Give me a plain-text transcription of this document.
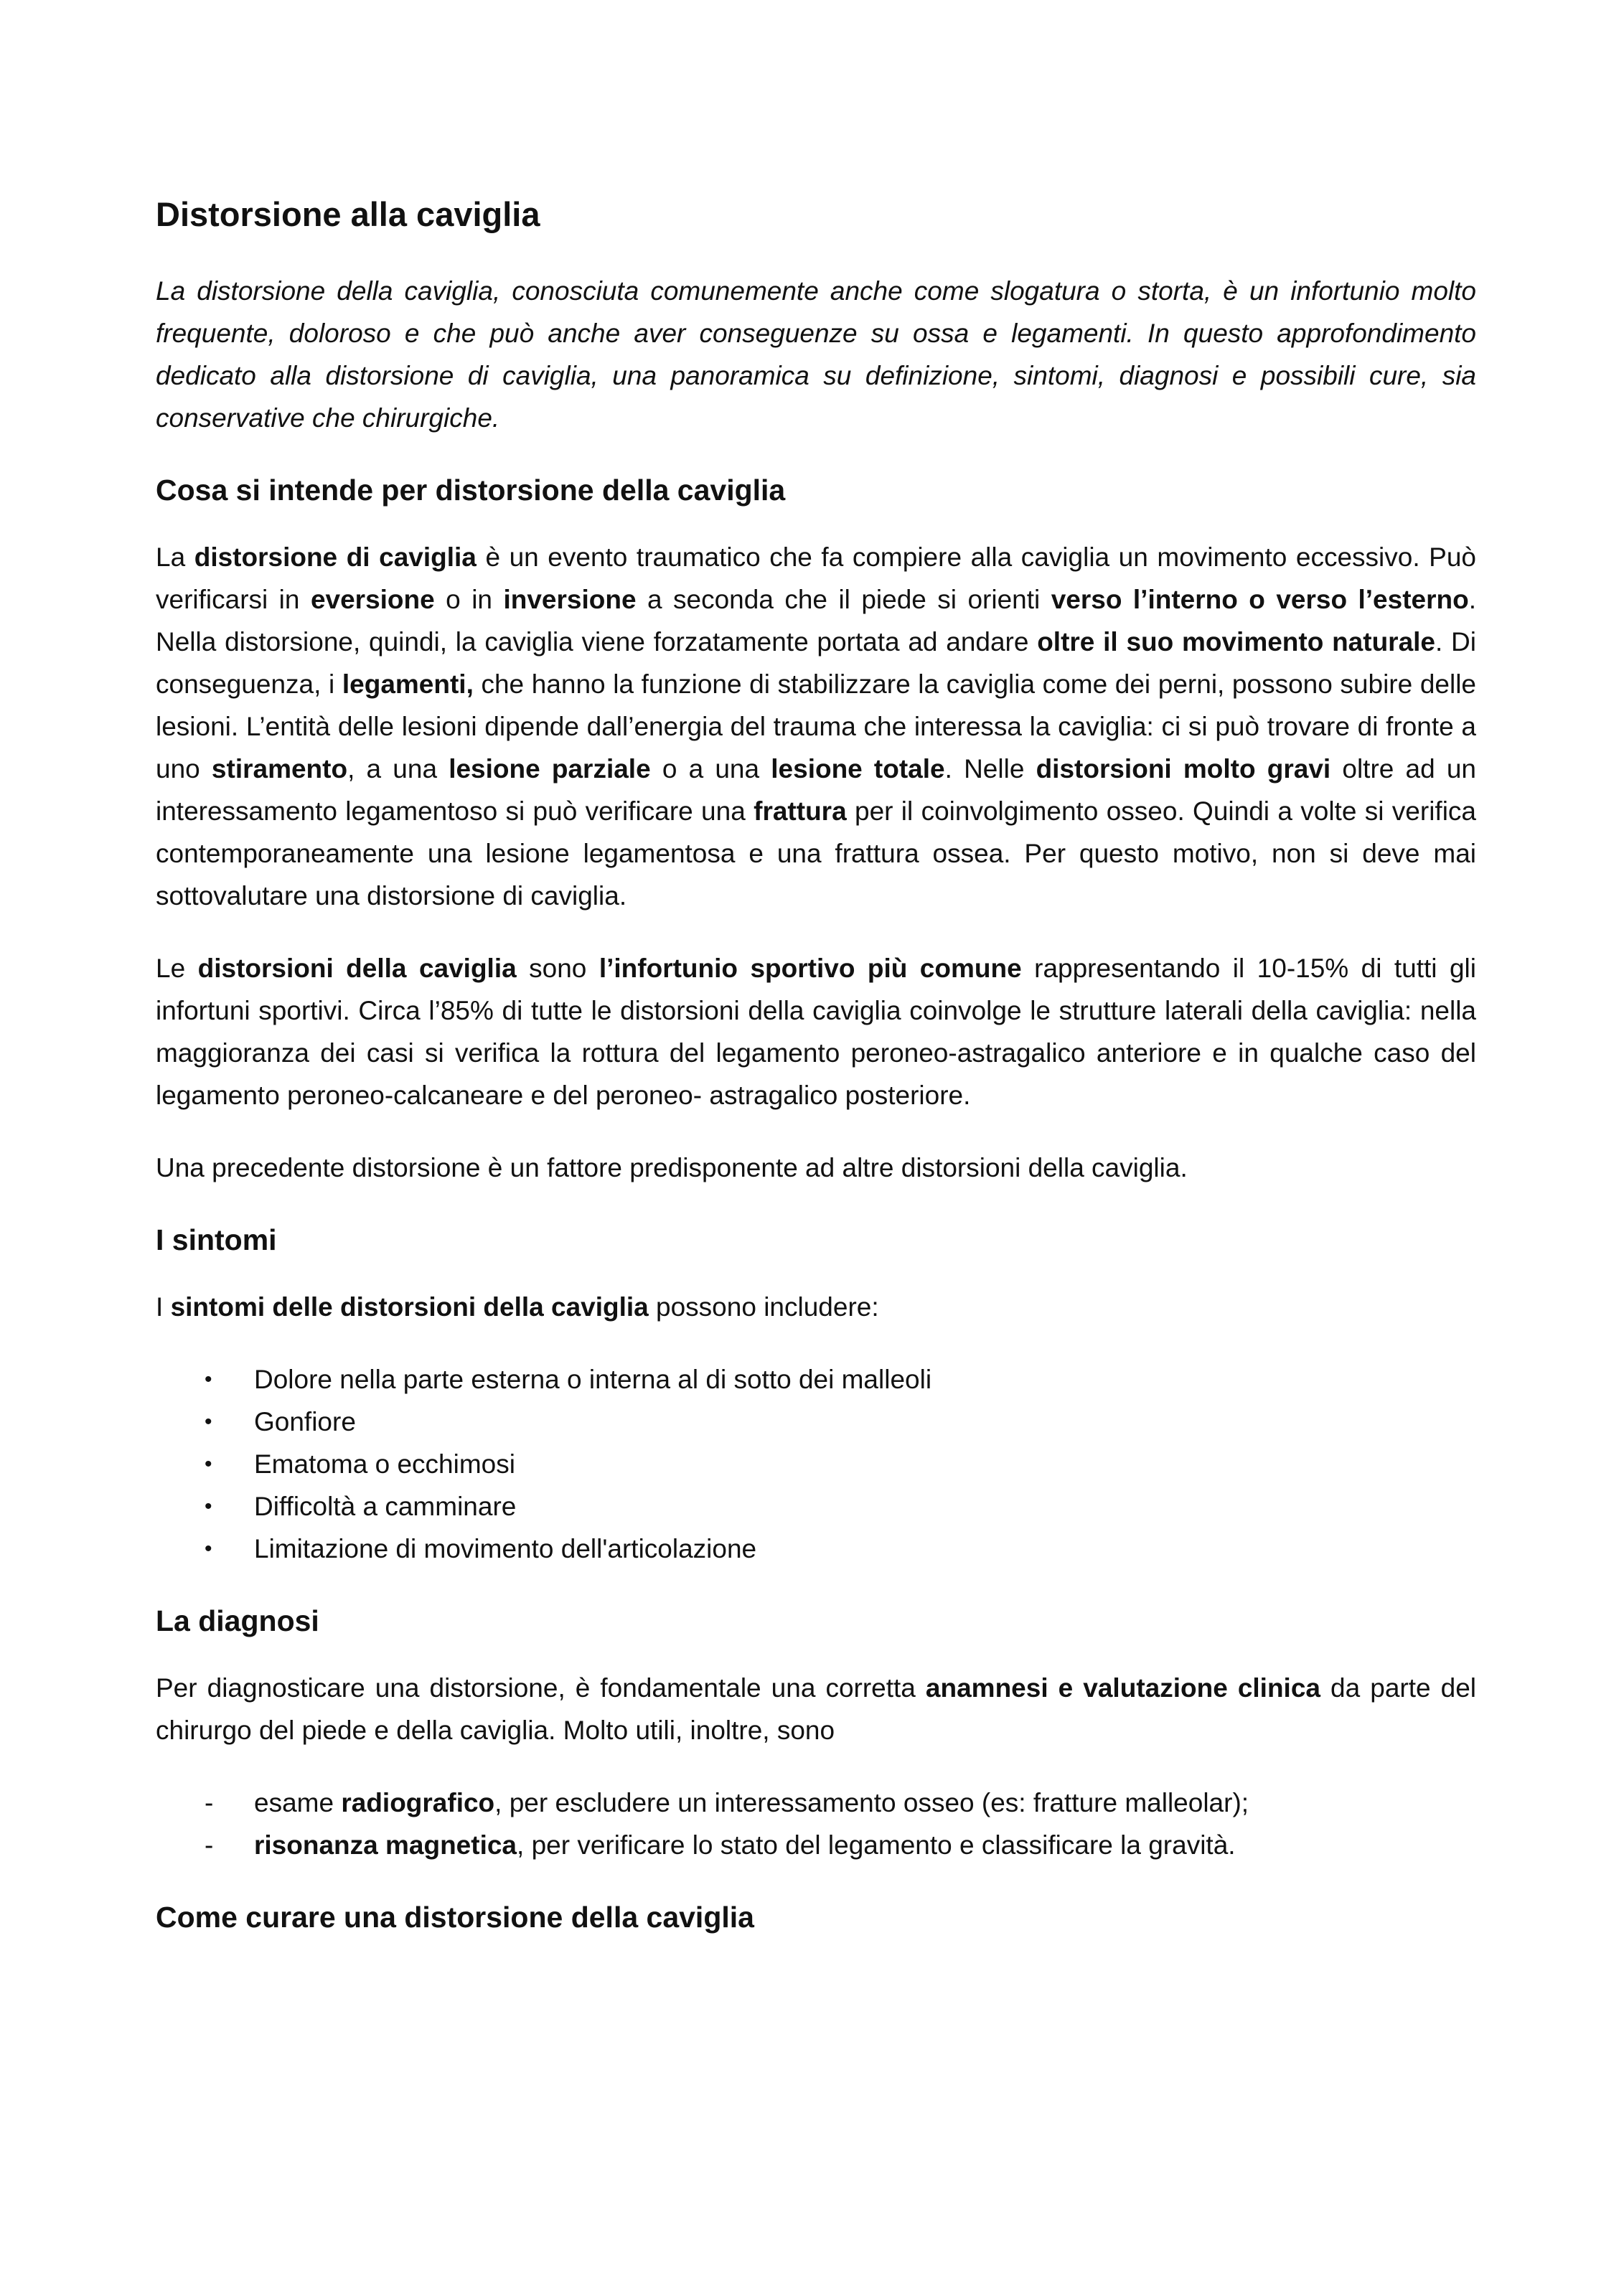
Distorsione alla caviglia

La distorsione della caviglia, conosciuta comunemente anche come slogatura o storta, è un infortunio molto frequente, doloroso e che può anche aver conseguenze su ossa e legamenti. In questo approfondimento dedicato alla distorsione di caviglia, una panoramica su definizione, sintomi, diagnosi e possibili cure, sia conservative che chirurgiche.

Cosa si intende per distorsione della caviglia

La distorsione di caviglia è un evento traumatico che fa compiere alla caviglia un movimento eccessivo. Può verificarsi in eversione o in inversione a seconda che il piede si orienti verso l’interno o verso l’esterno. Nella distorsione, quindi, la caviglia viene forzatamente portata ad andare oltre il suo movimento naturale. Di conseguenza, i legamenti, che hanno la funzione di stabilizzare la caviglia come dei perni, possono subire delle lesioni. L’entità delle lesioni dipende dall’energia del trauma che interessa la caviglia: ci si può trovare di fronte a uno stiramento, a una lesione parziale o a una lesione totale. Nelle distorsioni molto gravi oltre ad un interessamento legamentoso si può verificare una frattura per il coinvolgimento osseo. Quindi a volte si verifica contemporaneamente una lesione legamentosa e una frattura ossea. Per questo motivo, non si deve mai sottovalutare una distorsione di caviglia.

Le distorsioni della caviglia sono l’infortunio sportivo più comune rappresentando il 10-15% di tutti gli infortuni sportivi. Circa l’85% di tutte le distorsioni della caviglia coinvolge le strutture laterali della caviglia: nella maggioranza dei casi si verifica la rottura del legamento peroneo-astragalico anteriore e in qualche caso del legamento peroneo-calcaneare e del peroneo- astragalico posteriore.

Una precedente distorsione è un fattore predisponente ad altre distorsioni della caviglia.

I sintomi

I sintomi delle distorsioni della caviglia possono includere:

• Dolore nella parte esterna o interna al di sotto dei malleoli
• Gonfiore
• Ematoma o ecchimosi
• Difficoltà a camminare
• Limitazione di movimento dell'articolazione
La diagnosi

Per diagnosticare una distorsione, è fondamentale una corretta anamnesi e valutazione clinica da parte del chirurgo del piede e della caviglia. Molto utili, inoltre, sono

- esame radiografico, per escludere un interessamento osseo (es: fratture malleolar);
- risonanza magnetica, per verificare lo stato del legamento e classificare la gravità.
Come curare una distorsione della caviglia
